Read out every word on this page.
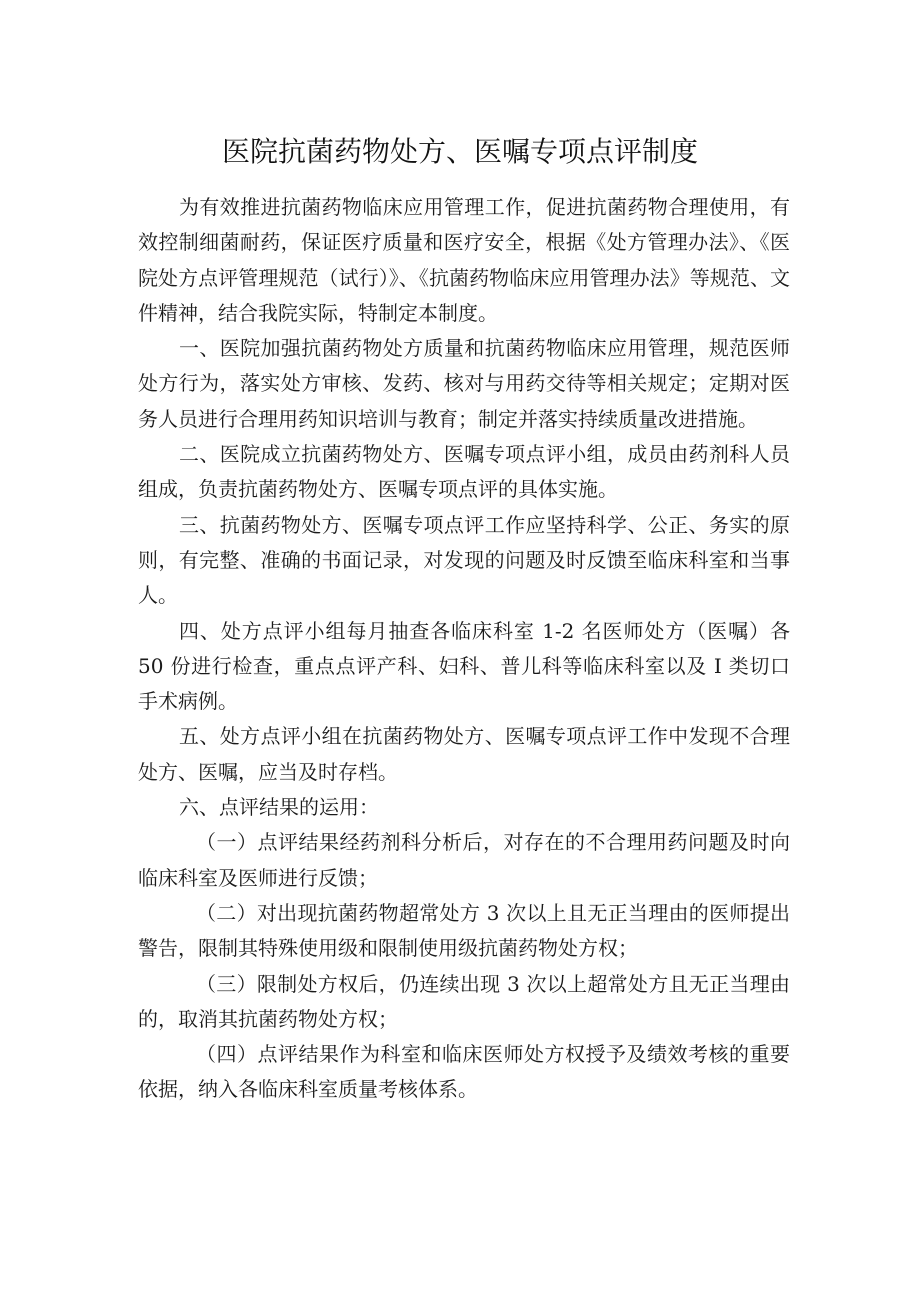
医院抗菌药物处方、医嘱专项点评制度

为有效推进抗菌药物临床应用管理工作，促进抗菌药物合理使用，有效控制细菌耐药，保证医疗质量和医疗安全，根据《处方管理办法》、《医院处方点评管理规范（试行）》、《抗菌药物临床应用管理办法》等规范、文件精神，结合我院实际，特制定本制度。

一、医院加强抗菌药物处方质量和抗菌药物临床应用管理，规范医师处方行为，落实处方审核、发药、核对与用药交待等相关规定；定期对医务人员进行合理用药知识培训与教育；制定并落实持续质量改进措施。

二、医院成立抗菌药物处方、医嘱专项点评小组，成员由药剂科人员组成，负责抗菌药物处方、医嘱专项点评的具体实施。

三、抗菌药物处方、医嘱专项点评工作应坚持科学、公正、务实的原则，有完整、准确的书面记录，对发现的问题及时反馈至临床科室和当事人。

四、处方点评小组每月抽查各临床科室 1-2 名医师处方（医嘱）各 50 份进行检查，重点点评产科、妇科、普儿科等临床科室以及 I 类切口手术病例。

五、处方点评小组在抗菌药物处方、医嘱专项点评工作中发现不合理处方、医嘱，应当及时存档。

六、点评结果的运用：

（一）点评结果经药剂科分析后，对存在的不合理用药问题及时向临床科室及医师进行反馈；

（二）对出现抗菌药物超常处方 3 次以上且无正当理由的医师提出警告，限制其特殊使用级和限制使用级抗菌药物处方权；

（三）限制处方权后，仍连续出现 3 次以上超常处方且无正当理由的，取消其抗菌药物处方权；

（四）点评结果作为科室和临床医师处方权授予及绩效考核的重要依据，纳入各临床科室质量考核体系。
